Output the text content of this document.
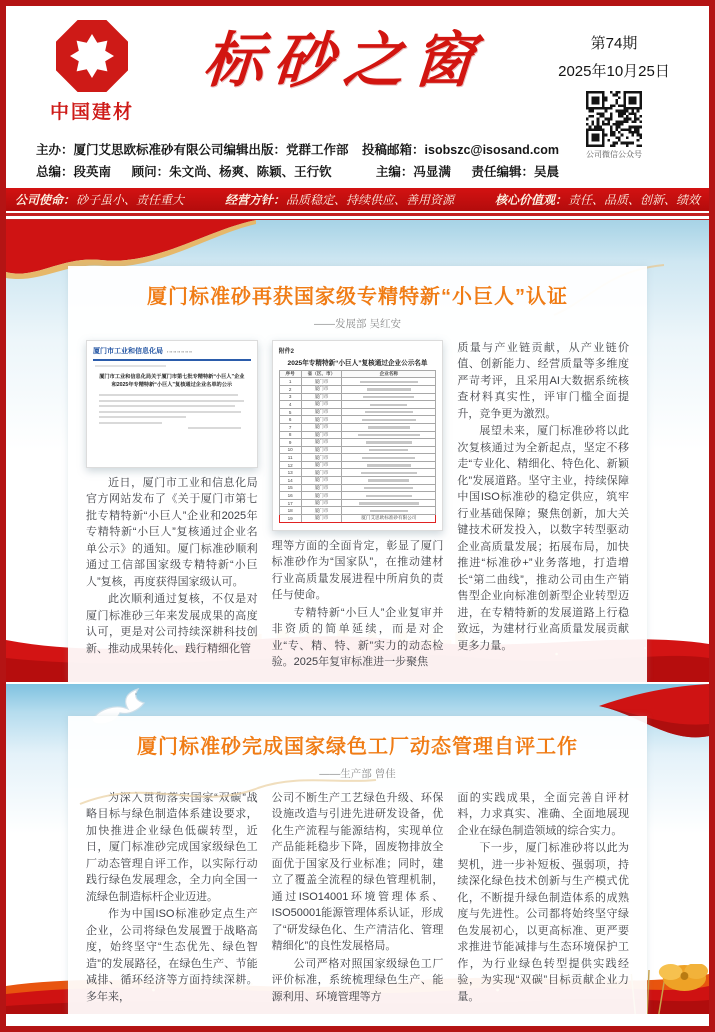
中国建材
标砂之窗	第74期
2025年10月25日
公司微信公众号
主办：厦门艾思欧标准砂有限公司 编辑出版：党群工作部	投稿邮箱：isobszc@isosand.com
总编：段英南	顾问：朱文尚、杨爽、陈颖、王行钦	主编：冯显满	责任编辑：吴晨
公司使命：砂子虽小、责任重大	经营方针：品质稳定、持续供应、善用资源	核心价值观：责任、品质、创新、绩效
厦门标准砂再获国家级专精特新“小巨人”认证
——发展部 吴红安
厦门市工业和信息化局 ▪ ▪▪ ▪▪ ▪▪ ▪▪ ▪▪ ▪▪
厦门市工业和信息化局关于厦门市第七批专精特新“小巨人”企业和2025年专精特新“小巨人”复核通过企业名单的公示

近日，厦门市工业和信息化局官方网站发布了《关于厦门市第七批专精特新“小巨人”企业和2025年专精特新“小巨人”复核通过企业名单公示》的通知。厦门标准砂顺利通过工信部国家级专精特新“小巨人”复核，再度获得国家级认可。

此次顺利通过复核，不仅是对厦门标准砂三年来发展成果的高度认可，更是对公司持续深耕科技创新、推动成果转化、践行精细化管

附件2
2025年专精特新“小巨人”复核通过企业公示名单
序号	省（区、市）	企业名称
1	厦门市	
2	厦门市	
3	厦门市	
4	厦门市	
5	厦门市	
6	厦门市	
7	厦门市	
8	厦门市	
9	厦门市	
10	厦门市	
11	厦门市	
12	厦门市	
13	厦门市	
14	厦门市	
15	厦门市	
16	厦门市	
17	厦门市	
18	厦门市	
19	厦门市	厦门艾思欧标准砂有限公司

理等方面的全面肯定，彰显了厦门标准砂作为“国家队”，在推动建材行业高质量发展进程中所肩负的责任与使命。

专精特新“小巨人”企业复审并非资质的简单延续，而是对企业“专、精、特、新”实力的动态检验。2025年复审标准进一步聚焦

质量与产业链贡献，从产业链价值、创新能力、经营质量等多维度严苛考评，且采用AI大数据系统核查材料真实性，评审门槛全面提升，竞争更为激烈。

展望未来，厦门标准砂将以此次复核通过为全新起点，坚定不移走“专业化、精细化、特色化、新颖化”发展道路。坚守主业，持续保障中国ISO标准砂的稳定供应，筑牢行业基础保障；聚焦创新，加大关键技术研发投入，以数字转型驱动企业高质量发展；拓展布局，加快推进“标准砂+”业务落地，打造增长“第二曲线”，推动公司由生产销售型企业向标准创新型企业转型迈进，在专精特新的发展道路上行稳致远，为建材行业高质量发展贡献更多力量。

厦门标准砂完成国家绿色工厂动态管理自评工作
——生产部 曾佳

为深入贯彻落实国家“双碳”战略目标与绿色制造体系建设要求，加快推进企业绿色低碳转型，近日，厦门标准砂完成国家级绿色工厂动态管理自评工作，以实际行动践行绿色发展理念，全力向全国一流绿色制造标杆企业迈进。

作为中国ISO标准砂定点生产企业，公司将绿色发展置于战略高度，始终坚守“生态优先、绿色智造”的发展路径，在绿色生产、节能减排、循环经济等方面持续深耕。多年来，

公司不断生产工艺绿色升级、环保设施改造与引进先进研发设备，优化生产流程与能源结构，实现单位产品能耗稳步下降，固废物排放全面优于国家及行业标准；同时，建立了覆盖全流程的绿色管理机制，通过ISO14001环境管理体系、ISO50001能源管理体系认证，形成了“研发绿色化、生产清洁化、管理精细化”的良性发展格局。

公司严格对照国家级绿色工厂评价标准，系统梳理绿色生产、能源利用、环境管理等方

面的实践成果，全面完善自评材料，力求真实、准确、全面地展现企业在绿色制造领域的综合实力。

下一步，厦门标准砂将以此为契机，进一步补短板、强弱项，持续深化绿色技术创新与生产模式优化，不断提升绿色制造体系的成熟度与先进性。公司都将始终坚守绿色发展初心，以更高标准、更严要求推进节能减排与生态环境保护工作，为行业绿色转型提供实践经验，为实现“双碳”目标贡献企业力量。
